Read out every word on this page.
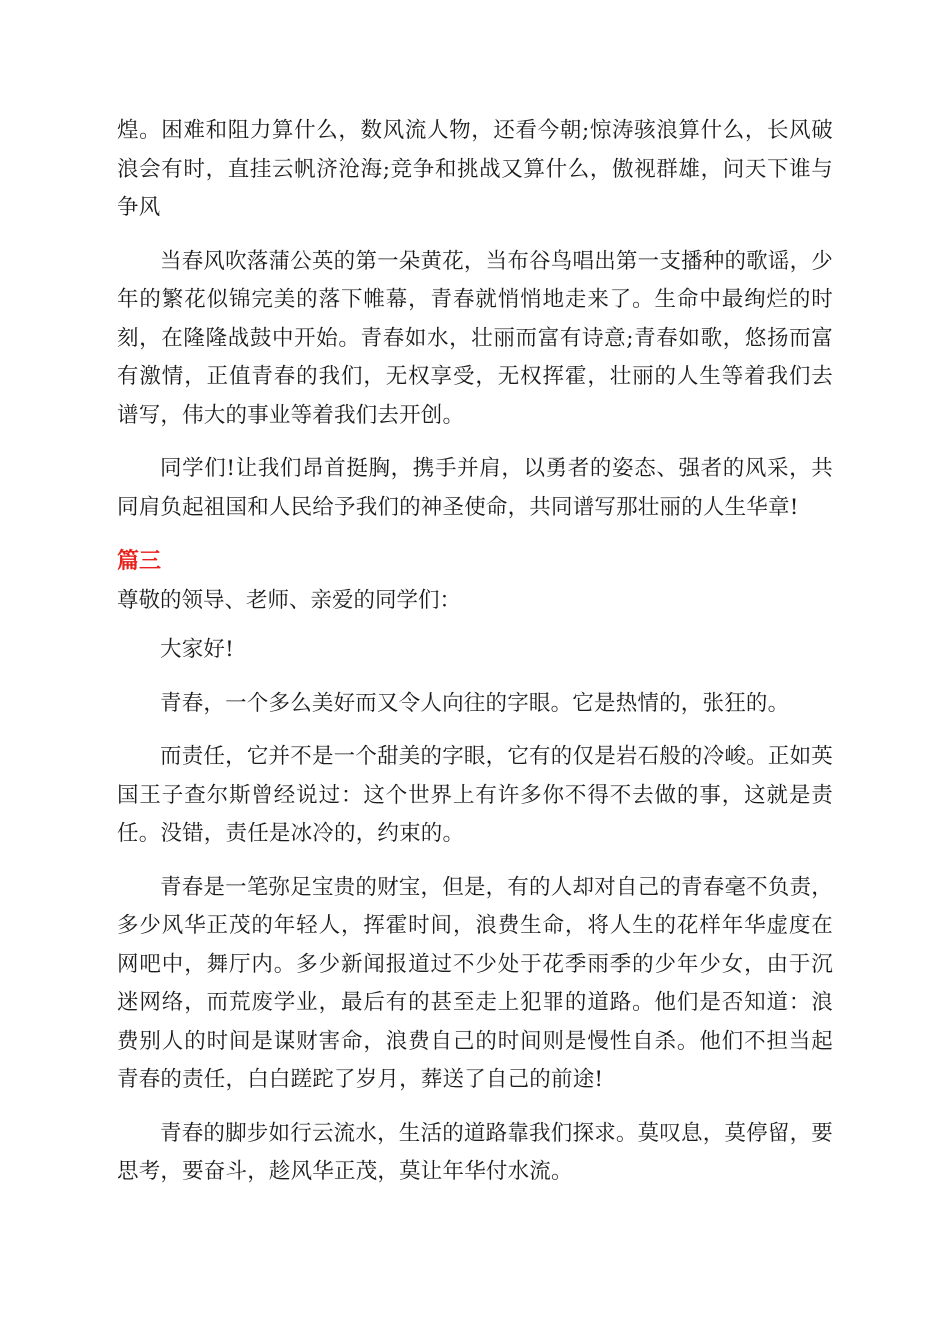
煌。困难和阻力算什么，数风流人物，还看今朝;惊涛骇浪算什么，长风破浪会有时，直挂云帆济沧海;竞争和挑战又算什么，傲视群雄，问天下谁与争风

当春风吹落蒲公英的第一朵黄花，当布谷鸟唱出第一支播种的歌谣，少年的繁花似锦完美的落下帷幕，青春就悄悄地走来了。生命中最绚烂的时刻，在隆隆战鼓中开始。青春如水，壮丽而富有诗意;青春如歌，悠扬而富有激情，正值青春的我们，无权享受，无权挥霍，壮丽的人生等着我们去谱写，伟大的事业等着我们去开创。

同学们!让我们昂首挺胸，携手并肩，以勇者的姿态、强者的风采，共同肩负起祖国和人民给予我们的神圣使命，共同谱写那壮丽的人生华章!

篇三
尊敬的领导、老师、亲爱的同学们：

大家好!

青春，一个多么美好而又令人向往的字眼。它是热情的，张狂的。

而责任，它并不是一个甜美的字眼，它有的仅是岩石般的冷峻。正如英国王子查尔斯曾经说过：这个世界上有许多你不得不去做的事，这就是责任。没错，责任是冰冷的，约束的。

青春是一笔弥足宝贵的财宝，但是，有的人却对自己的青春毫不负责，多少风华正茂的年轻人，挥霍时间，浪费生命，将人生的花样年华虚度在网吧中，舞厅内。多少新闻报道过不少处于花季雨季的少年少女，由于沉迷网络，而荒废学业，最后有的甚至走上犯罪的道路。他们是否知道：浪费别人的时间是谋财害命，浪费自己的时间则是慢性自杀。他们不担当起青春的责任，白白蹉跎了岁月，葬送了自己的前途!

青春的脚步如行云流水，生活的道路靠我们探求。莫叹息，莫停留，要思考，要奋斗，趁风华正茂，莫让年华付水流。
